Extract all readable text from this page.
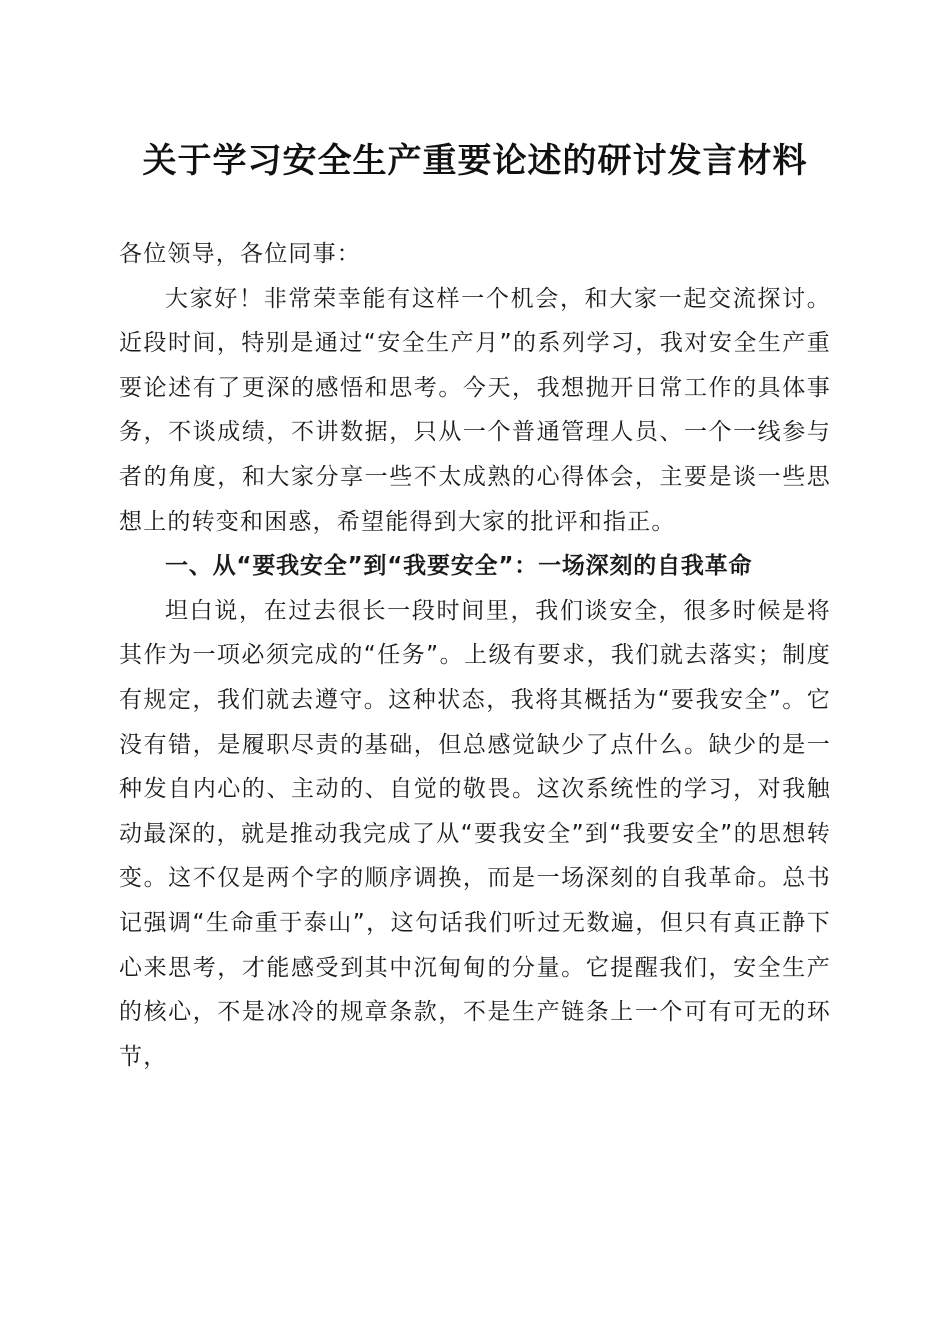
关于学习安全生产重要论述的研讨发言材料

各位领导，各位同事：

大家好！非常荣幸能有这样一个机会，和大家一起交流探讨。近段时间，特别是通过“安全生产月”的系列学习，我对安全生产重要论述有了更深的感悟和思考。今天，我想抛开日常工作的具体事务，不谈成绩，不讲数据，只从一个普通管理人员、一个一线参与者的角度，和大家分享一些不太成熟的心得体会，主要是谈一些思想上的转变和困惑，希望能得到大家的批评和指正。

一、从“要我安全”到“我要安全”：一场深刻的自我革命

坦白说，在过去很长一段时间里，我们谈安全，很多时候是将其作为一项必须完成的“任务”。上级有要求，我们就去落实；制度有规定，我们就去遵守。这种状态，我将其概括为“要我安全”。它没有错，是履职尽责的基础，但总感觉缺少了点什么。缺少的是一种发自内心的、主动的、自觉的敬畏。这次系统性的学习，对我触动最深的，就是推动我完成了从“要我安全”到“我要安全”的思想转变。这不仅是两个字的顺序调换，而是一场深刻的自我革命。总书记强调“生命重于泰山”，这句话我们听过无数遍，但只有真正静下心来思考，才能感受到其中沉甸甸的分量。它提醒我们，安全生产的核心，不是冰冷的规章条款，不是生产链条上一个可有可无的环节，
